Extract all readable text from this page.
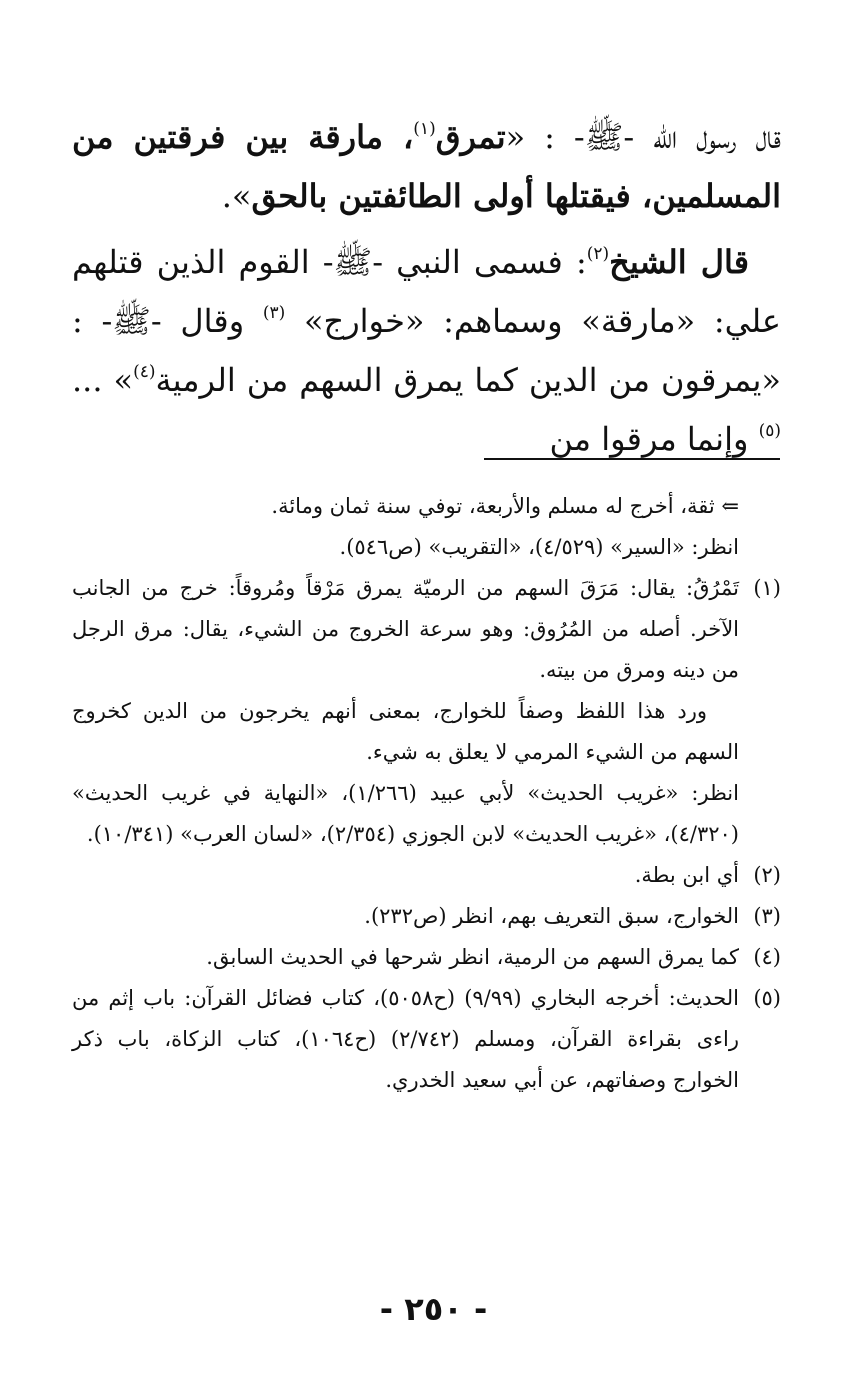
قال رسول اللّه -ﷺ- : «تمرق$^{(١)}$، مارقة بين فرقتين من المسلمين، فيقتلها أولى الطائفتين بالحق».

قال الشيخ$^{(٢)}$: فسمى النبي -ﷺ- القوم الذين قتلهم علي: «مارقة» وسماهم: «خوارج» $^{(٣)}$ وقال -ﷺ- : «يمرقون من الدين كما يمرق السهم من الرمية$^{(٤)}$» ... $^{(٥)}$ وإنما مرقوا من

⇐ ثقة، أخرج له مسلم والأربعة، توفي سنة ثمان ومائة.
انظر: «السير» (٤/٥٢٩)، «التقريب» (ص٥٤٦).
(١)
تَمْرُقُ: يقال: مَرَقَ السهم من الرميّة يمرق مَرْقاً ومُروقاً: خرج من الجانب الآخر. أصله من المُرُوق: وهو سرعة الخروج من الشيء، يقال: مرق الرجل من دينه ومرق من بيته.
ورد هذا اللفظ وصفاً للخوارج، بمعنى أنهم يخرجون من الدين كخروج السهم من الشيء المرمي لا يعلق به شيء.
انظر: «غريب الحديث» لأبي عبيد (١/٢٦٦)، «النهاية في غريب الحديث» (٤/٣٢٠)، «غريب الحديث» لابن الجوزي (٢/٣٥٤)، «لسان العرب» (١٠/٣٤١).
(٢)
أي ابن بطة.
(٣)
الخوارج، سبق التعريف بهم، انظر (ص٢٣٢).
(٤)
كما يمرق السهم من الرمية، انظر شرحها في الحديث السابق.
(٥)
الحديث: أخرجه البخاري (٩/٩٩) (ح٥٠٥٨)، كتاب فضائل القرآن: باب إثم من راءى بقراءة القرآن، ومسلم (٢/٧٤٢) (ح١٠٦٤)، كتاب الزكاة، باب ذكر الخوارج وصفاتهم، عن أبي سعيد الخدري.
- ٢٥٠ -
